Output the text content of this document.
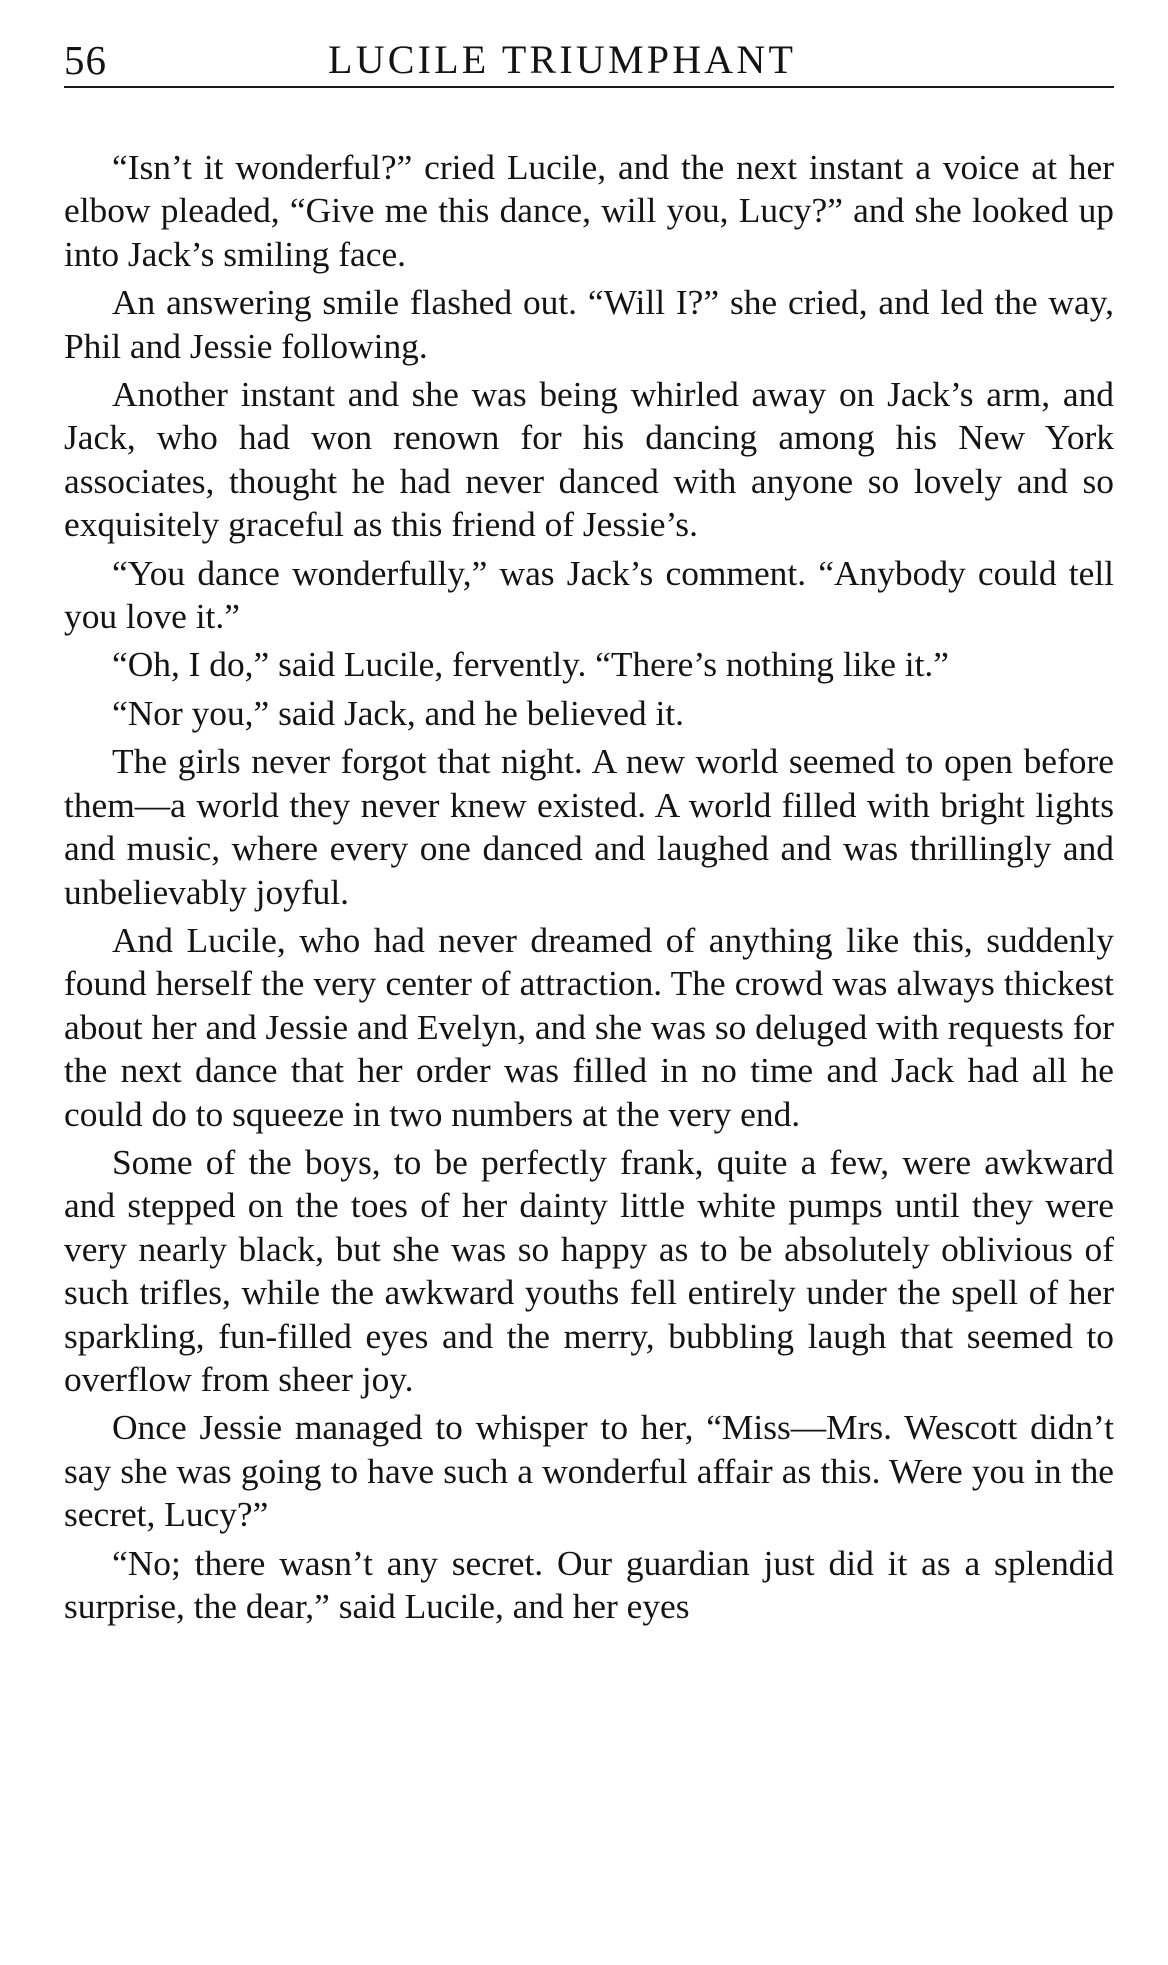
56	LUCILE TRIUMPHANT

“Isn’t it wonderful?” cried Lucile, and the next instant a voice at her elbow pleaded, “Give me this dance, will you, Lucy?” and she looked up into Jack’s smiling face.

An answering smile flashed out. “Will I?” she cried, and led the way, Phil and Jessie following.

Another instant and she was being whirled away on Jack’s arm, and Jack, who had won renown for his dancing among his New York associates, thought he had never danced with anyone so lovely and so exquisitely graceful as this friend of Jessie’s.

“You dance wonderfully,” was Jack’s comment. “Anybody could tell you love it.”

“Oh, I do,” said Lucile, fervently. “There’s nothing like it.”

“Nor you,” said Jack, and he believed it.

The girls never forgot that night. A new world seemed to open before them—a world they never knew existed. A world filled with bright lights and music, where every one danced and laughed and was thrillingly and unbelievably joyful.

And Lucile, who had never dreamed of anything like this, suddenly found herself the very center of attraction. The crowd was always thickest about her and Jessie and Evelyn, and she was so deluged with requests for the next dance that her order was filled in no time and Jack had all he could do to squeeze in two numbers at the very end.

Some of the boys, to be perfectly frank, quite a few, were awkward and stepped on the toes of her dainty little white pumps until they were very nearly black, but she was so happy as to be absolutely oblivious of such trifles, while the awkward youths fell entirely under the spell of her sparkling, fun-filled eyes and the merry, bubbling laugh that seemed to overflow from sheer joy.

Once Jessie managed to whisper to her, “Miss—Mrs. Wescott didn’t say she was going to have such a wonderful affair as this. Were you in the secret, Lucy?”

“No; there wasn’t any secret. Our guardian just did it as a splendid surprise, the dear,” said Lucile, and her eyes
